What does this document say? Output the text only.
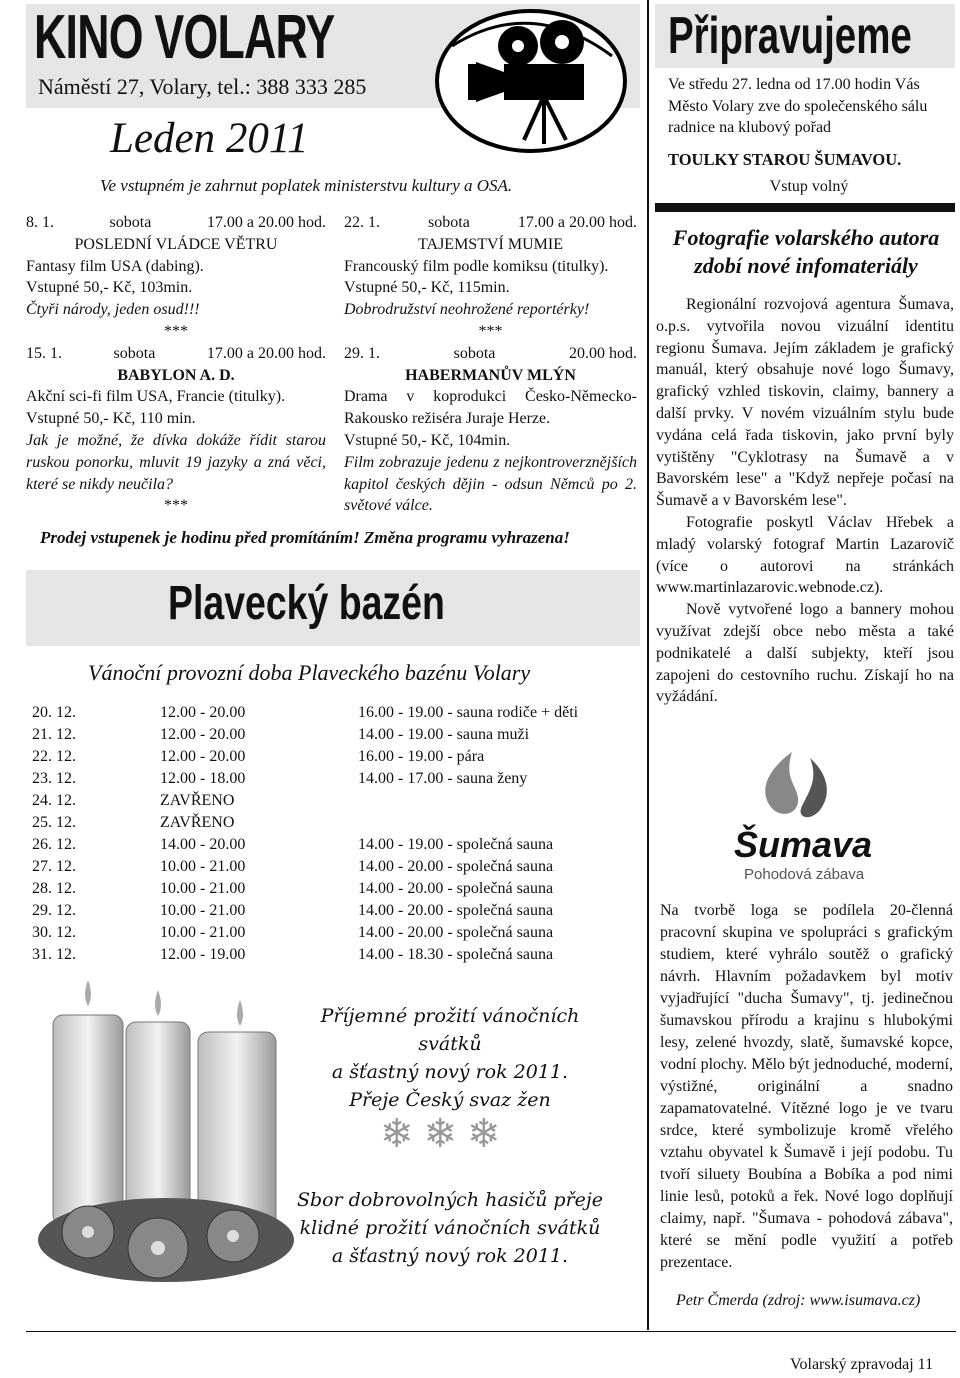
KINO VOLARY
Náměstí 27, Volary, tel.: 388 333 285
Leden 2011
Ve vstupném je zahrnut poplatek ministerstvu kultury a OSA.
8. 1.	sobota	17.00 a 20.00 hod.
POSLEDNÍ VLÁDCE VĚTRU
Fantasy film USA (dabing).
Vstupné 50,- Kč, 103min.
Čtyři národy, jeden osud!!!
***
15. 1.	sobota	17.00 a 20.00 hod.
BABYLON A. D.
Akční sci-fi film USA, Francie (titulky).
Vstupné 50,- Kč, 110 min.
Jak je možné, že dívka dokáže řídit starou ruskou ponorku, mluvit 19 jazyky a zná věci, které se nikdy neučila?
***
22. 1.	sobota	17.00 a 20.00 hod.
TAJEMSTVÍ MUMIE
Francouský film podle komiksu (titulky).
Vstupné 50,- Kč, 115min.
Dobrodružství neohrožené reportérky!
***
29. 1.	sobota	20.00 hod.
HABERMANŮV MLÝN
Drama v koprodukci Česko-Německo-Rakousko režiséra Juraje Herze.
Vstupné 50,- Kč, 104min.
Film zobrazuje jedenu z nejkontroverznějších kapitol českých dějin - odsun Němců po 2. světové válce.
Prodej vstupenek je hodinu před promítáním! Změna programu vyhrazena!
Plavecký bazén
Vánoční provozní doba Plaveckého bazénu Volary
20. 12.	12.00 - 20.00	16.00 - 19.00 - sauna rodiče + děti
21. 12.	12.00 - 20.00	14.00 - 19.00 - sauna muži
22. 12.	12.00 - 20.00	16.00 - 19.00 - pára
23. 12.	12.00 - 18.00	14.00 - 17.00 - sauna ženy
24. 12.	ZAVŘENO
25. 12.	ZAVŘENO
26. 12.	14.00 - 20.00	14.00 - 19.00 - společná sauna
27. 12.	10.00 - 21.00	14.00 - 20.00 - společná sauna
28. 12.	10.00 - 21.00	14.00 - 20.00 - společná sauna
29. 12.	10.00 - 21.00	14.00 - 20.00 - společná sauna
30. 12.	10.00 - 21.00	14.00 - 20.00 - společná sauna
31. 12.	12.00 - 19.00	14.00 - 18.30 - společná sauna
Příjemné prožití vánočních svátků
a šťastný nový rok 2011.
Přeje Český svaz žen
❄❄❄
Sbor dobrovolných hasičů přeje
klidné prožití vánočních svátků
a šťastný nový rok 2011.
Připravujeme
Ve středu 27. ledna od 17.00 hodin Vás Město Volary zve do společenského sálu radnice na klubový pořad
TOULKY STAROU ŠUMAVOU.
Vstup volný
Fotografie volarského autora zdobí nové infomateriály

Regionální rozvojová agentura Šumava, o.p.s. vytvořila novou vizuální identitu regionu Šumava. Jejím základem je grafický manuál, který obsahuje nové logo Šumavy, grafický vzhled tiskovin, claimy, bannery a další prvky. V novém vizuálním stylu bude vydána celá řada tiskovin, jako první byly vytištěny "Cyklotrasy na Šumavě a v Bavorském lese" a "Když nepřeje počasí na Šumavě a v Bavorském lese".

Fotografie poskytl Václav Hřebek a mladý volarský fotograf Martin Lazarovič (více o autorovi na stránkách www.martinlazarovic.webnode.cz).

Nově vytvořené logo a bannery mohou využívat zdejší obce nebo města a také podnikatelé a další subjekty, kteří jsou zapojeni do cestovního ruchu. Získají ho na vyžádání.

Šumava
Pohodová zábava
Na tvorbě loga se podílela 20-členná pracovní skupina ve spolupráci s grafickým studiem, které vyhrálo soutěž o grafický návrh. Hlavním požadavkem byl motiv vyjadřující "ducha Šumavy", tj. jedinečnou šumavskou přírodu a krajinu s hlubokými lesy, zelené hvozdy, slatě, šumavské kopce, vodní plochy. Mělo být jednoduché, moderní, výstižné, originální a snadno zapamatovatelné. Vítězné logo je ve tvaru srdce, které symbolizuje kromě vřelého vztahu obyvatel k Šumavě i její podobu. Tu tvoří siluety Boubína a Bobíka a pod nimi linie lesů, potoků a řek. Nové logo doplňují claimy, např. "Šumava - pohodová zábava", které se mění podle využití a potřeb prezentace.
Petr Čmerda (zdroj: www.isumava.cz)
Volarský zpravodaj 11
